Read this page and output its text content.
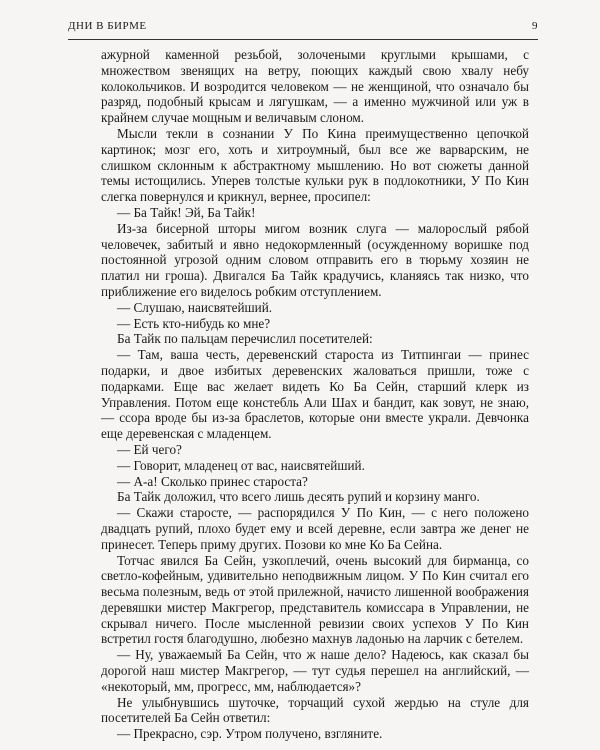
ДНИ В БИРМЕ	9

ажурной каменной резьбой, золочеными круглыми крышами, с множеством звенящих на ветру, поющих каждый свою хвалу небу колокольчиков. И возродится человеком — не женщиной, что означало бы разряд, подобный крысам и лягушкам, — а именно мужчиной или уж в крайнем случае мощным и величавым слоном.

Мысли текли в сознании У По Кина преимущественно цепочкой картинок; мозг его, хоть и хитроумный, был все же варварским, не слишком склонным к абстрактному мышлению. Но вот сюжеты данной темы истощились. Уперев толстые кульки рук в подлокотники, У По Кин слегка повернулся и крикнул, вернее, просипел:

— Ба Тайк! Эй, Ба Тайк!

Из-за бисерной шторы мигом возник слуга — малорослый рябой человечек, забитый и явно недокормленный (осужденному воришке под постоянной угрозой одним словом отправить его в тюрьму хозяин не платил ни гроша). Двигался Ба Тайк крадучись, кланяясь так низко, что приближение его виделось робким отступлением.

— Слушаю, наисвятейший.

— Есть кто-нибудь ко мне?

Ба Тайк по пальцам перечислил посетителей:

— Там, ваша честь, деревенский староста из Титпингаи — принес подарки, и двое избитых деревенских жаловаться пришли, тоже с подарками. Еще вас желает видеть Ко Ба Сейн, старший клерк из Управления. Потом еще констебль Али Шах и бандит, как зовут, не знаю, — ссора вроде бы из-за браслетов, которые они вместе украли. Девчонка еще деревенская с младенцем.

— Ей чего?

— Говорит, младенец от вас, наисвятейший.

— А-а! Сколько принес староста?

Ба Тайк доложил, что всего лишь десять рупий и корзину манго.

— Скажи старосте, — распорядился У По Кин, — с него положено двадцать рупий, плохо будет ему и всей деревне, если завтра же денег не принесет. Теперь приму других. Позови ко мне Ко Ба Сейна.

Тотчас явился Ба Сейн, узкоплечий, очень высокий для бирманца, со светло-кофейным, удивительно неподвижным лицом. У По Кин считал его весьма полезным, ведь от этой прилежной, начисто лишенной воображения деревяшки мистер Макгрегор, представитель комиссара в Управлении, не скрывал ничего. После мысленной ревизии своих успехов У По Кин встретил гостя благодушно, любезно махнув ладонью на ларчик с бетелем.

— Ну, уважаемый Ба Сейн, что ж наше дело? Надеюсь, как сказал бы дорогой наш мистер Макгрегор, — тут судья перешел на английский, — «некоторый, мм, прогресс, мм, наблюдается»?

Не улыбнувшись шуточке, торчащий сухой жердью на стуле для посетителей Ба Сейн ответил:

— Прекрасно, сэр. Утром получено, взгляните.
